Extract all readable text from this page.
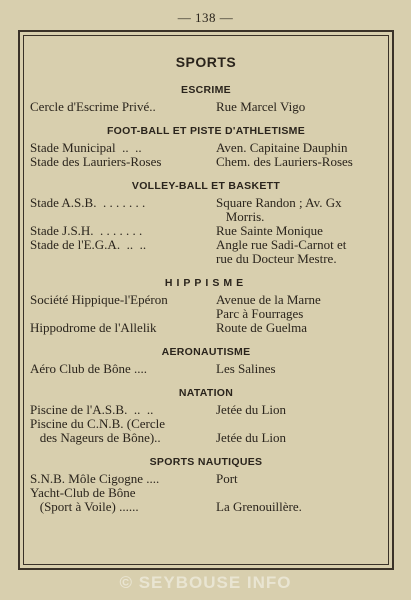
— 138 —
SPORTS
ESCRIME
Cercle d'Escrime Privé..	Rue Marcel Vigo
FOOT-BALL ET PISTE D'ATHLETISME
Stade Municipal  ..  ..	Aven. Capitaine Dauphin
Stade des Lauriers-Roses	Chem. des Lauriers-Roses
VOLLEY-BALL ET BASKETT
Stade A.S.B.  . . . . . . .	Square Randon ; Av. Gx
Morris.
Stade J.S.H.  . . . . . . .	Rue Sainte Monique
Stade de l'E.G.A.  ..  ..	Angle rue Sadi-Carnot et
rue du Docteur Mestre.
HIPPISME
Société Hippique-l'Epéron	Avenue de la Marne
Parc à Fourrages
Hippodrome de l'Allelik	Route de Guelma
AERONAUTISME
Aéro Club de Bône ....	Les Salines
NATATION
Piscine de l'A.S.B.  ..  ..	Jetée du Lion
Piscine du C.N.B. (Cercle
des Nageurs de Bône)..	Jetée du Lion
SPORTS NAUTIQUES
S.N.B. Môle Cigogne ....	Port
Yacht-Club de Bône
(Sport à Voile) ......	La Grenouillère.
© SEYBOUSE INFO
